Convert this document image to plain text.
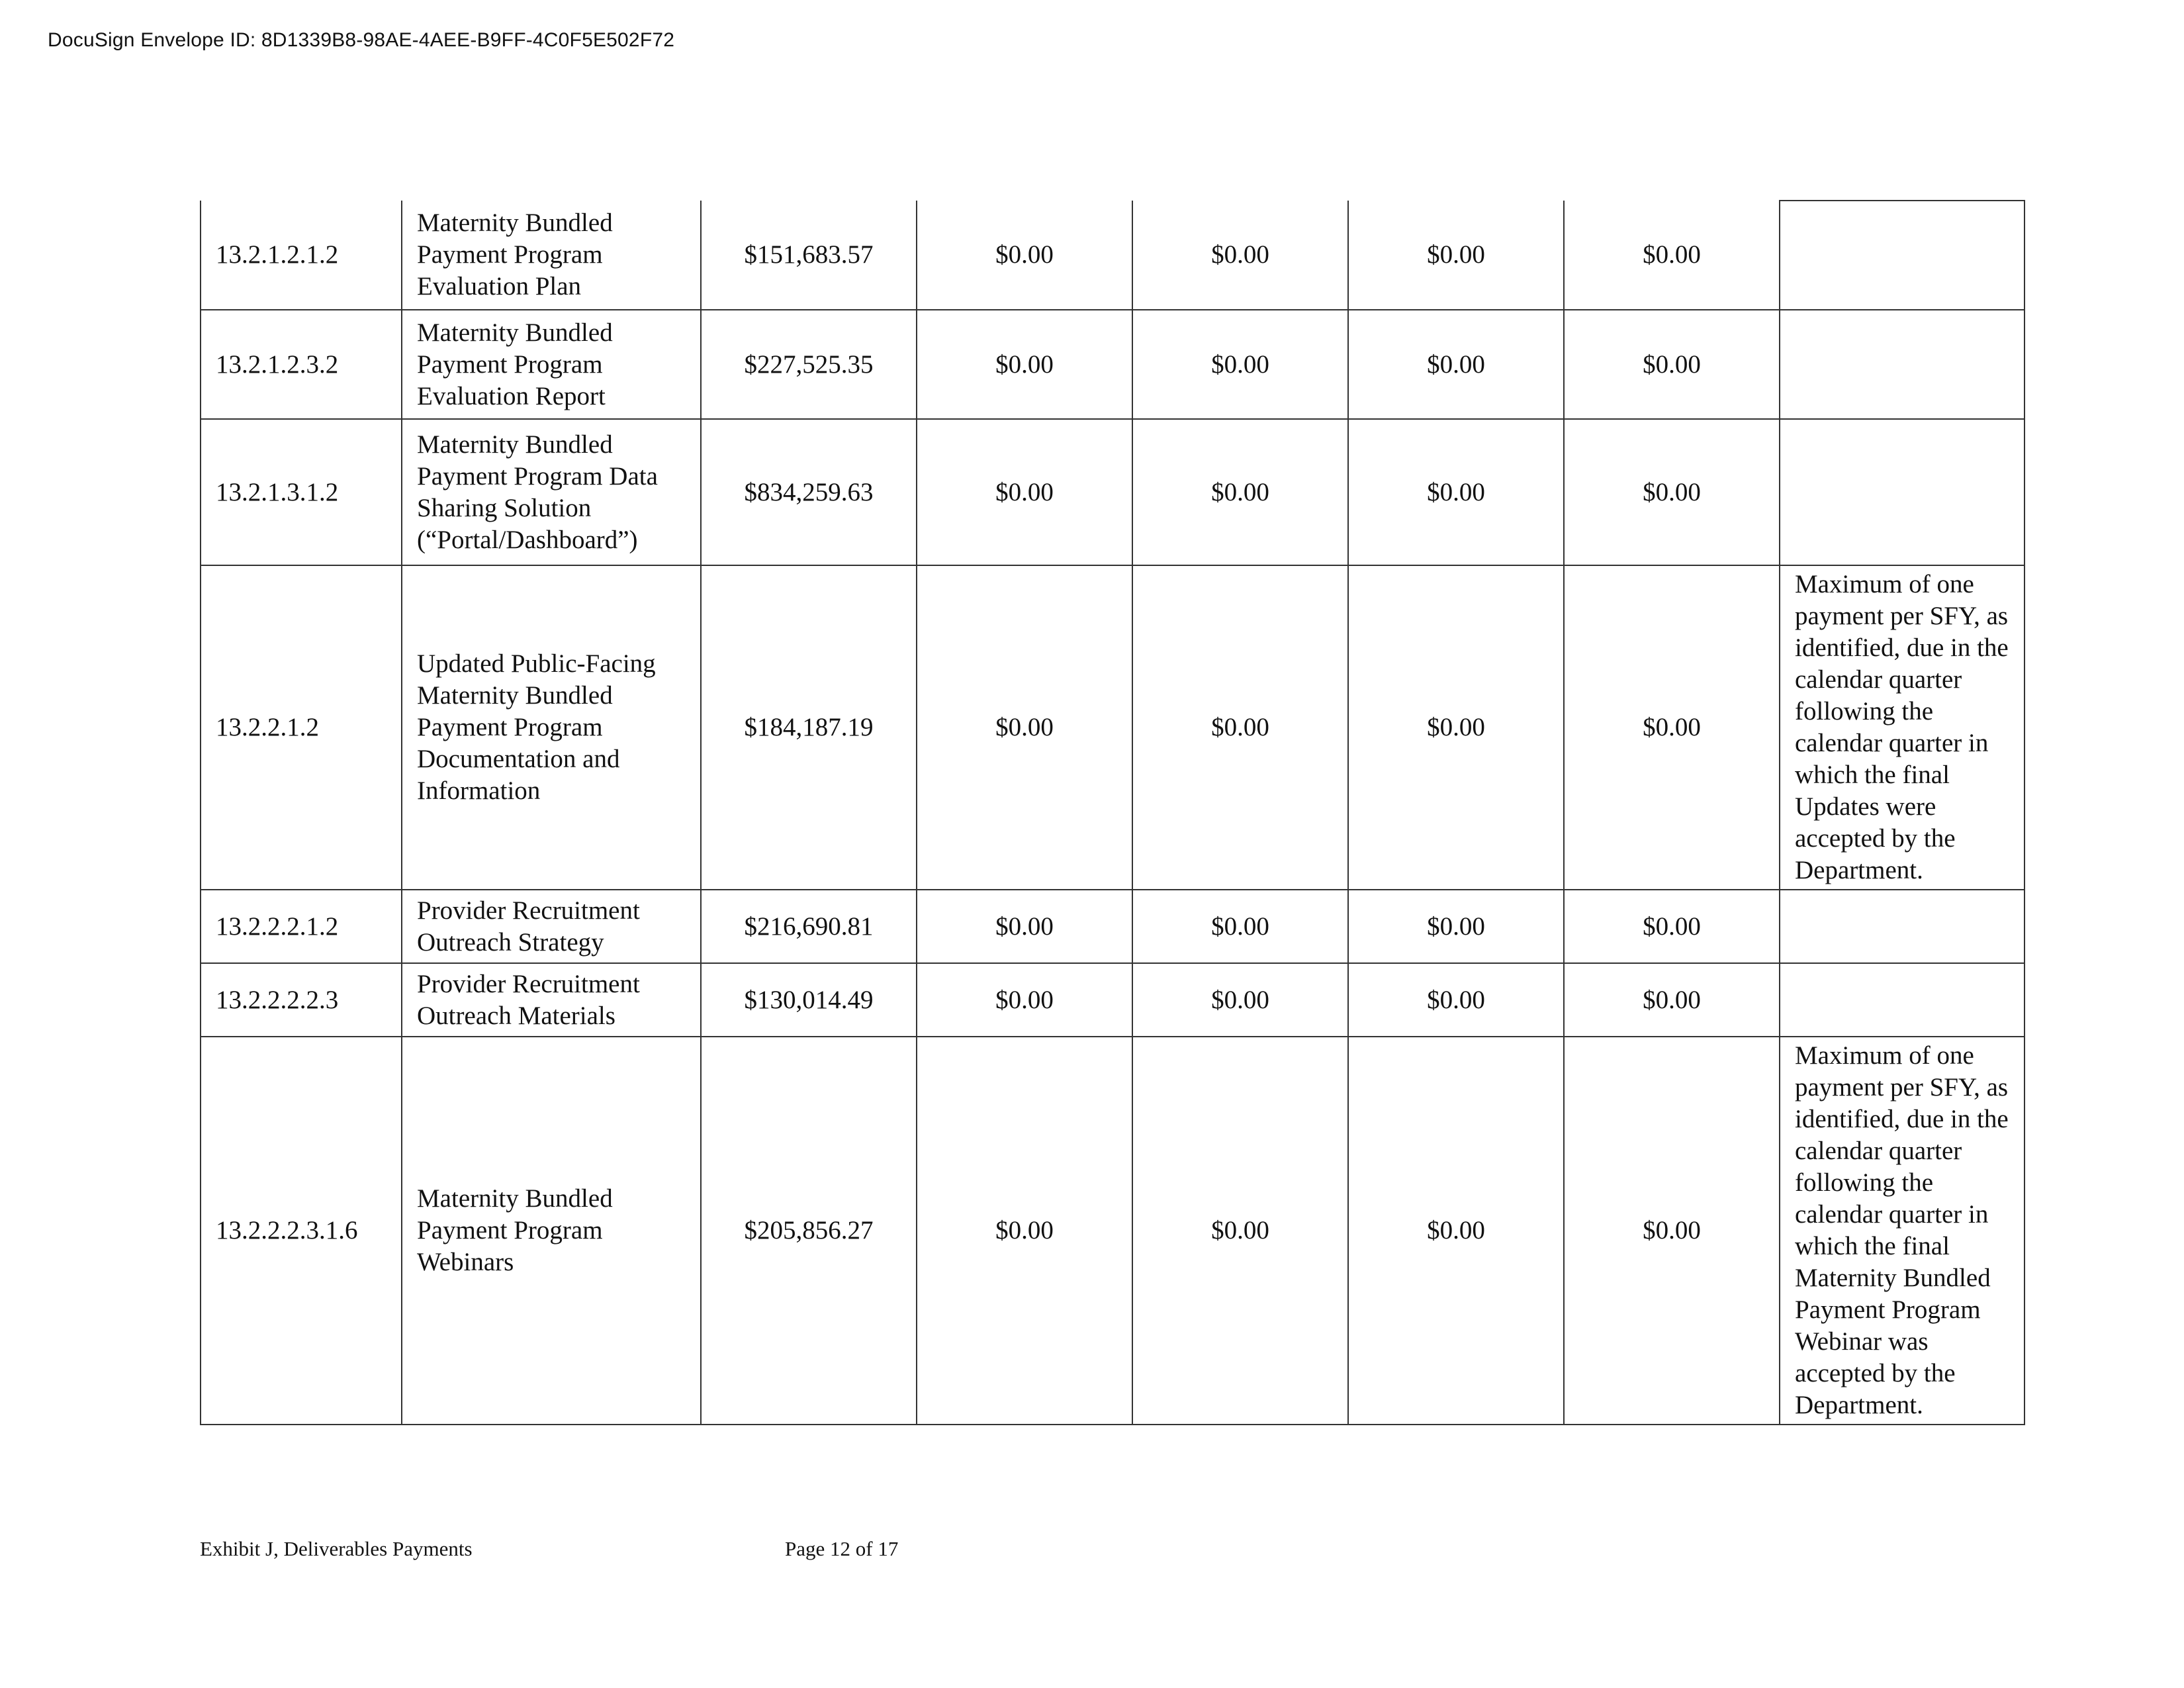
DocuSign Envelope ID: 8D1339B8-98AE-4AEE-B9FF-4C0F5E502F72
13.2.1.2.1.2	Maternity Bundled Payment Program Evaluation Plan	$151,683.57	$0.00	$0.00	$0.00	$0.00	
13.2.1.2.3.2	Maternity Bundled Payment Program Evaluation Report	$227,525.35	$0.00	$0.00	$0.00	$0.00	
13.2.1.3.1.2	Maternity Bundled Payment Program Data Sharing Solution (“Portal/Dashboard”)	$834,259.63	$0.00	$0.00	$0.00	$0.00	
13.2.2.1.2	Updated Public-Facing Maternity Bundled Payment Program Documentation and Information	$184,187.19	$0.00	$0.00	$0.00	$0.00	Maximum of one payment per SFY, as identified, due in the calendar quarter following the calendar quarter in which the final Updates were accepted by the Department.
13.2.2.2.1.2	Provider Recruitment Outreach Strategy	$216,690.81	$0.00	$0.00	$0.00	$0.00	
13.2.2.2.2.3	Provider Recruitment Outreach Materials	$130,014.49	$0.00	$0.00	$0.00	$0.00	
13.2.2.2.3.1.6	Maternity Bundled Payment Program Webinars	$205,856.27	$0.00	$0.00	$0.00	$0.00	Maximum of one payment per SFY, as identified, due in the calendar quarter following the calendar quarter in which the final Maternity Bundled Payment Program Webinar was accepted by the Department.
Exhibit J, Deliverables Payments	Page 12 of 17
